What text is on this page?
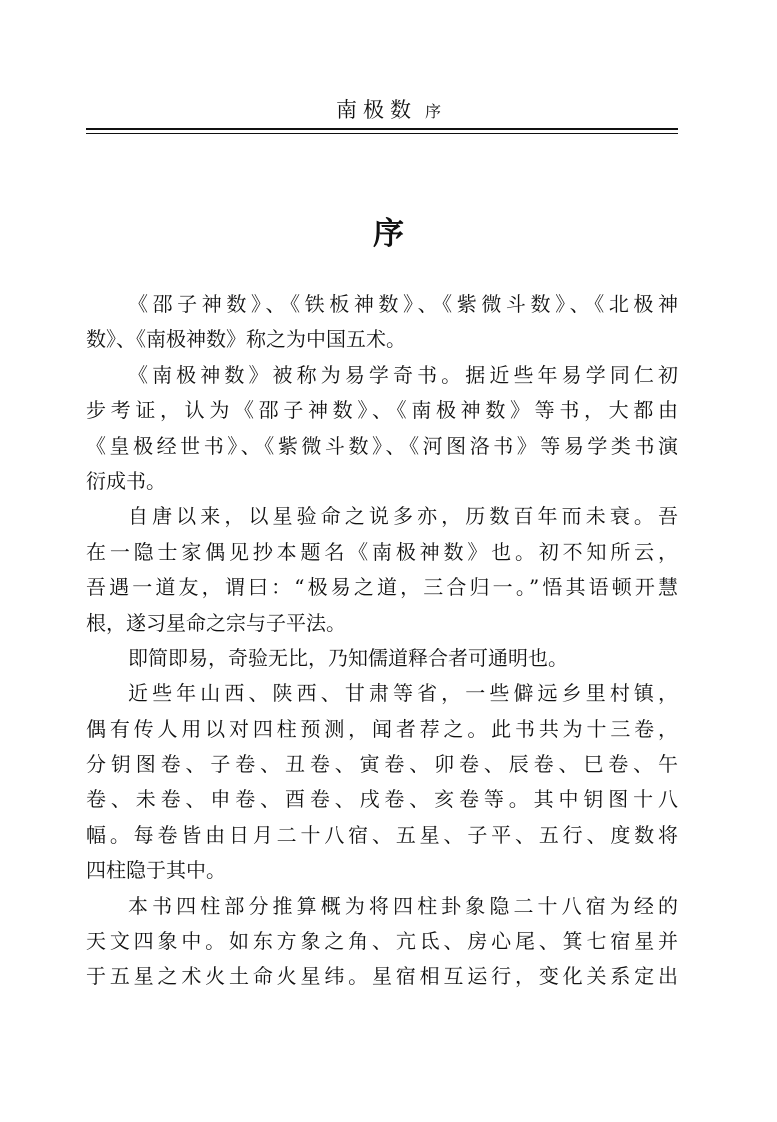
南极数 序
序
《邵子神数》、《铁板神数》、《紫微斗数》、《北极神
数》、《南极神数》称之为中国五术。
《南极神数》被称为易学奇书。据近些年易学同仁初
步考证，认为《邵子神数》、《南极神数》等书，大都由
《皇极经世书》、《紫微斗数》、《河图洛书》等易学类书演
衍成书。
自唐以来，以星验命之说多亦，历数百年而未衰。吾
在一隐士家偶见抄本题名《南极神数》也。初不知所云，
吾遇一道友，谓曰：“极易之道，三合归一。”悟其语顿开慧
根，遂习星命之宗与子平法。
即简即易，奇验无比，乃知儒道释合者可通明也。
近些年山西、陕西、甘肃等省，一些僻远乡里村镇，
偶有传人用以对四柱预测，闻者荐之。此书共为十三卷，
分钥图卷、子卷、丑卷、寅卷、卯卷、辰卷、巳卷、午
卷、未卷、申卷、酉卷、戌卷、亥卷等。其中钥图十八
幅。每卷皆由日月二十八宿、五星、子平、五行、度数将
四柱隐于其中。
本书四柱部分推算概为将四柱卦象隐二十八宿为经的
天文四象中。如东方象之角、亢氐、房心尾、箕七宿星并
于五星之术火土命火星纬。星宿相互运行，变化关系定出
